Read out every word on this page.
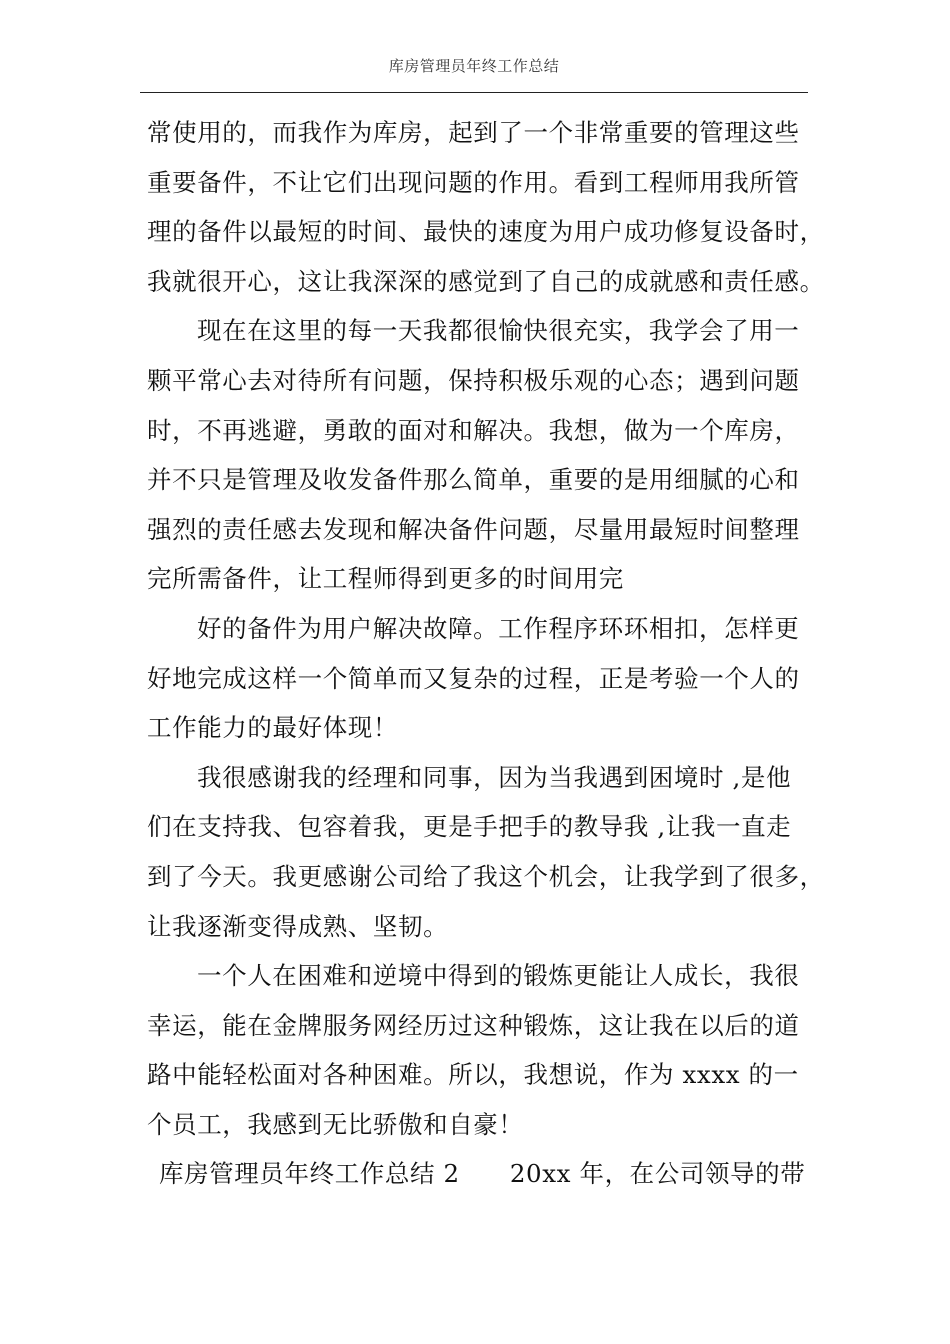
库房管理员年终工作总结
常使用的，而我作为库房，起到了一个非常重要的管理这些
重要备件，不让它们出现问题的作用。看到工程师用我所管
理的备件以最短的时间、最快的速度为用户成功修复设备时，
我就很开心，这让我深深的感觉到了自己的成就感和责任感。
现在在这里的每一天我都很愉快很充实，我学会了用一
颗平常心去对待所有问题，保持积极乐观的心态；遇到问题
时，不再逃避，勇敢的面对和解决。我想，做为一个库房，
并不只是管理及收发备件那么简单，重要的是用细腻的心和
强烈的责任感去发现和解决备件问题，尽量用最短时间整理
完所需备件，让工程师得到更多的时间用完
好的备件为用户解决故障。工作程序环环相扣，怎样更
好地完成这样一个简单而又复杂的过程，正是考验一个人的
工作能力的最好体现！
我很感谢我的经理和同事，因为当我遇到困境时 ,是他
们在支持我、包容着我，更是手把手的教导我 ,让我一直走
到了今天。我更感谢公司给了我这个机会，让我学到了很多，
让我逐渐变得成熟、坚韧。
一个人在困难和逆境中得到的锻炼更能让人成长，我很
幸运，能在金牌服务网经历过这种锻炼，这让我在以后的道
路中能轻松面对各种困难。所以，我想说，作为 xxxx 的一
个员工，我感到无比骄傲和自豪！
库房管理员年终工作总结 2　　20xx 年，在公司领导的带
